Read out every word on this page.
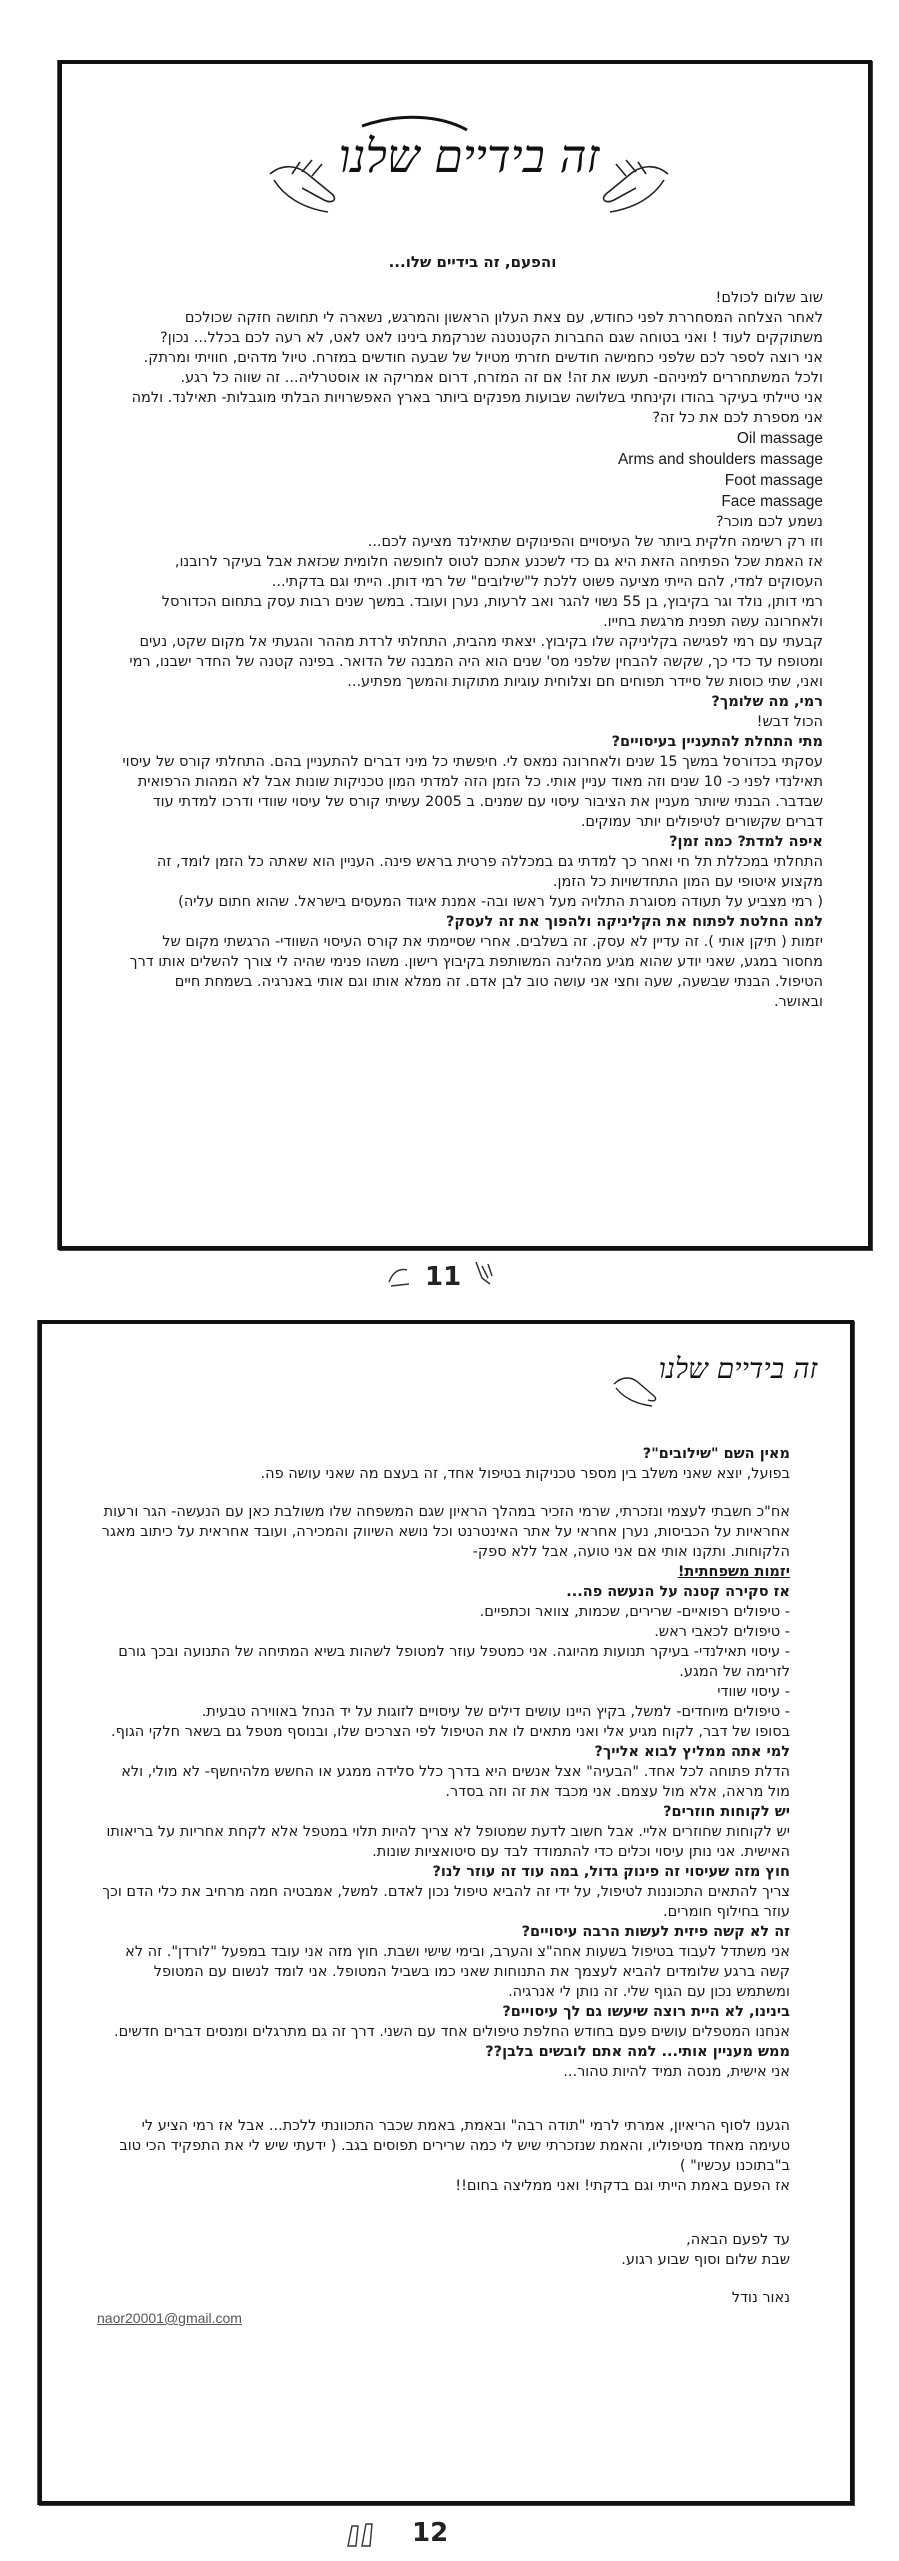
זה בידיים שלנו

והפעם, זה בידיים שלו...

שוב שלום לכולם!

לאחר הצלחה המסחררת לפני כחודש, עם צאת העלון הראשון והמרגש, נשארה לי תחושה חזקה שכולכם משתוקקים לעוד ! ואני בטוחה שגם החברות הקטנטנה שנרקמת בינינו לאט לאט, לא רעה לכם בכלל... נכון?

אני רוצה לספר לכם שלפני כחמישה חודשים חזרתי מטיול של שבעה חודשים במזרח. טיול מדהים, חוויתי ומרתק. ולכל המשתחררים למיניהם- תעשו את זה! אם זה המזרח, דרום אמריקה או אוסטרליה... זה שווה כל רגע.

אני טיילתי בעיקר בהודו וקינחתי בשלושה שבועות מפנקים ביותר בארץ האפשרויות הבלתי מוגבלות- תאילנד. ולמה אני מספרת לכם את כל זה?

Oil massage

Arms and shoulders massage

Foot massage

Face massage

נשמע לכם מוכר?

וזו רק רשימה חלקית ביותר של העיסויים והפינוקים שתאילנד מציעה לכם...

אז האמת שכל הפתיחה הזאת היא גם כדי לשכנע אתכם לטוס לחופשה חלומית שכזאת אבל בעיקר לרובנו, העסוקים למדי, להם הייתי מציעה פשוט ללכת ל"שילובים" של רמי דותן. הייתי וגם בדקתי...

רמי דותן, נולד וגר בקיבוץ, בן 55 נשוי להגר ואב לרעות, נערן ועובד. במשך שנים רבות עסק בתחום הכדורסל ולאחרונה עשה תפנית מרגשת בחייו.

קבעתי עם רמי לפגישה בקליניקה שלו בקיבוץ. יצאתי מהבית, התחלתי לרדת מההר והגעתי אל מקום שקט, נעים ומטופח עד כדי כך, שקשה להבחין שלפני מס' שנים הוא היה המבנה של הדואר. בפינה קטנה של החדר ישבנו, רמי ואני, שתי כוסות של סיידר תפוחים חם וצלוחית עוגיות מתוקות והמשך מפתיע...

רמי, מה שלומך?

הכול דבש!

מתי התחלת להתעניין בעיסויים?

עסקתי בכדורסל במשך 15 שנים ולאחרונה נמאס לי. חיפשתי כל מיני דברים להתעניין בהם. התחלתי קורס של עיסוי תאילנדי לפני כ- 10 שנים וזה מאוד עניין אותי. כל הזמן הזה למדתי המון טכניקות שונות אבל לא המהות הרפואית שבדבר. הבנתי שיותר מעניין את הציבור עיסוי עם שמנים. ב 2005 עשיתי קורס של עיסוי שוודי ודרכו למדתי עוד דברים שקשורים לטיפולים יותר עמוקים.

איפה למדת? כמה זמן?

התחלתי במכללת תל חי ואחר כך למדתי גם במכללה פרטית בראש פינה. העניין הוא שאתה כל הזמן לומד, זה מקצוע איטופי עם המון התחדשויות כל הזמן.

( רמי מצביע על תעודה מסוגרת התלויה מעל ראשו ובה- אמנת איגוד המעסים בישראל. שהוא חתום עליה)

למה החלטת לפתוח את הקליניקה ולהפוך את זה לעסק?

יזמות ( תיקן אותי ). זה עדיין לא עסק. זה בשלבים. אחרי שסיימתי את קורס העיסוי השוודי- הרגשתי מקום של מחסור במגע, שאני יודע שהוא מגיע מהלינה המשותפת בקיבוץ רישון. משהו פנימי שהיה לי צורך להשלים אותו דרך הטיפול. הבנתי שבשעה, שעה וחצי אני עושה טוב לבן אדם. זה ממלא אותו וגם אותי באנרגיה. בשמחת חיים ובאושר.

11
זה בידיים שלנו

מאין השם "שילובים"?

בפועל, יוצא שאני משלב בין מספר טכניקות בטיפול אחד, זה בעצם מה שאני עושה פה.

אח"כ חשבתי לעצמי ונזכרתי, שרמי הזכיר במהלך הראיון שגם המשפחה שלו משולבת כאן עם הנעשה- הגר ורעות אחראיות על הכביסות, נערן אחראי על אתר האינטרנט וכל נושא השיווק והמכירה, ועובד אחראית על כיתוב מאגר הלקוחות. ותקנו אותי אם אני טועה, אבל ללא ספק-

יזמות משפחתית!

אז סקירה קטנה על הנעשה פה...

- טיפולים רפואיים- שרירים, שכמות, צוואר וכתפיים.

- טיפולים לכאבי ראש.

- עיסוי תאילנדי- בעיקר תנועות מהיוגה. אני כמטפל עוזר למטופל לשהות בשיא המתיחה של התנועה ובכך גורם לזרימה של המגע.

- עיסוי שוודי

- טיפולים מיוחדים- למשל, בקיץ היינו עושים דילים של עיסויים לזוגות על יד הנחל באווירה טבעית.

בסופו של דבר, לקוח מגיע אלי ואני מתאים לו את הטיפול לפי הצרכים שלו, ובנוסף מטפל גם בשאר חלקי הגוף.

למי אתה ממליץ לבוא אלייך?

הדלת פתוחה לכל אחד. "הבעיה" אצל אנשים היא בדרך כלל סלידה ממגע או החשש מלהיחשף- לא מולי, ולא מול מראה, אלא מול עצמם. אני מכבד את זה וזה בסדר.

יש לקוחות חוזרים?

יש לקוחות שחוזרים אליי. אבל חשוב לדעת שמטופל לא צריך להיות תלוי במטפל אלא לקחת אחריות על בריאותו האישית. אני נותן עיסוי וכלים כדי להתמודד לבד עם סיטואציות שונות.

חוץ מזה שעיסוי זה פינוק גדול, במה עוד זה עוזר לנו?

צריך להתאים התכוננות לטיפול, על ידי זה להביא טיפול נכון לאדם. למשל, אמבטיה חמה מרחיב את כלי הדם וכך עוזר בחילוף חומרים.

זה לא קשה פיזית לעשות הרבה עיסויים?

אני משתדל לעבוד בטיפול בשעות אחה"צ והערב, ובימי שישי ושבת. חוץ מזה אני עובד במפעל "לורדן". זה לא קשה ברגע שלומדים להביא לעצמך את התנוחות שאני כמו בשביל המטופל. אני לומד לנשום עם המטופל ומשתמש נכון עם הגוף שלי. זה נותן לי אנרגיה.

בינינו, לא היית רוצה שיעשו גם לך עיסויים?

אנחנו המטפלים עושים פעם בחודש החלפת טיפולים אחד עם השני. דרך זה גם מתרגלים ומנסים דברים חדשים.

ממש מעניין אותי... למה אתם לובשים בלבן??

אני אישית, מנסה תמיד להיות טהור...

הגענו לסוף הריאיון, אמרתי לרמי "תודה רבה" ובאמת, באמת שכבר התכוונתי ללכת... אבל אז רמי הציע לי טעימה מאחד מטיפוליו, והאמת שנזכרתי שיש לי כמה שרירים תפוסים בגב. ( ידעתי שיש לי את התפקיד הכי טוב ב"בתוכנו עכשיו" )

אז הפעם באמת הייתי וגם בדקתי! ואני ממליצה בחום!!

עד לפעם הבאה,

שבת שלום וסוף שבוע רגוע.

נאור נודל

naor20001@gmail.com

12
